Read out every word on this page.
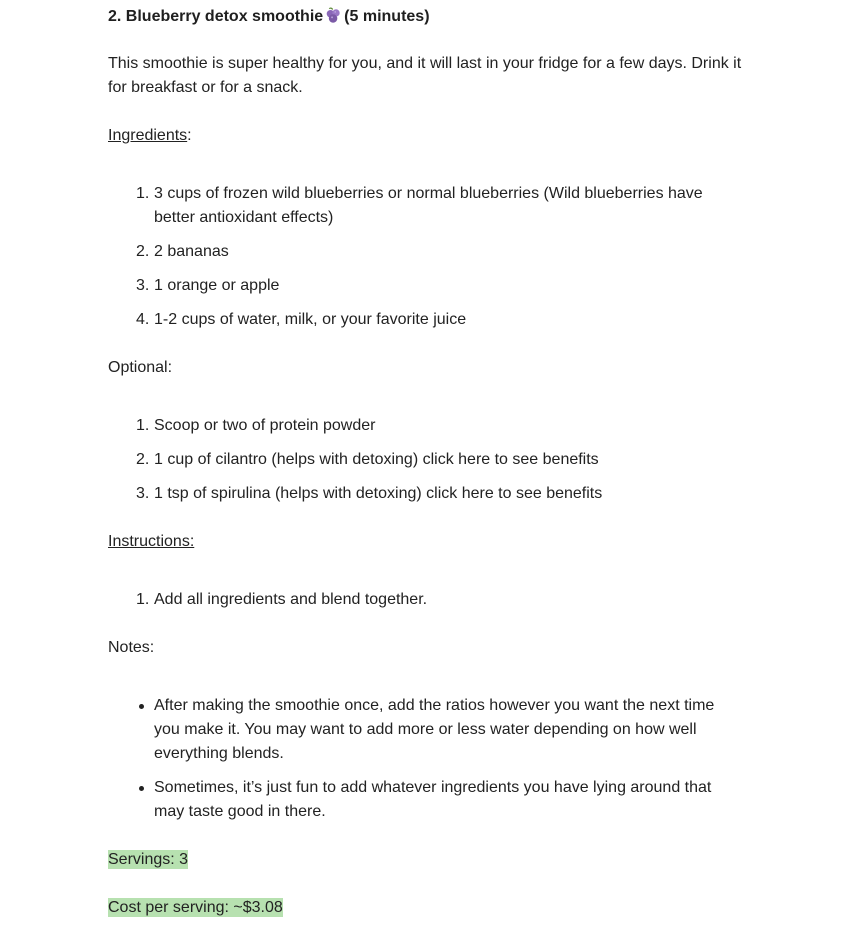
2. Blueberry detox smoothie (5 minutes)
This smoothie is super healthy for you, and it will last in your fridge for a few days. Drink it for breakfast or for a snack.
Ingredients:
1. 3 cups of frozen wild blueberries or normal blueberries (Wild blueberries have better antioxidant effects)
2. 2 bananas
3. 1 orange or apple
4. 1-2 cups of water, milk, or your favorite juice
Optional:
1. Scoop or two of protein powder
2. 1 cup of cilantro (helps with detoxing) click here to see benefits
3. 1 tsp of spirulina (helps with detoxing) click here to see benefits
Instructions:
1. Add all ingredients and blend together.
Notes:
After making the smoothie once, add the ratios however you want the next time you make it. You may want to add more or less water depending on how well everything blends.
Sometimes, it’s just fun to add whatever ingredients you have lying around that may taste good in there.
Servings: 3
Cost per serving: ~$3.08
